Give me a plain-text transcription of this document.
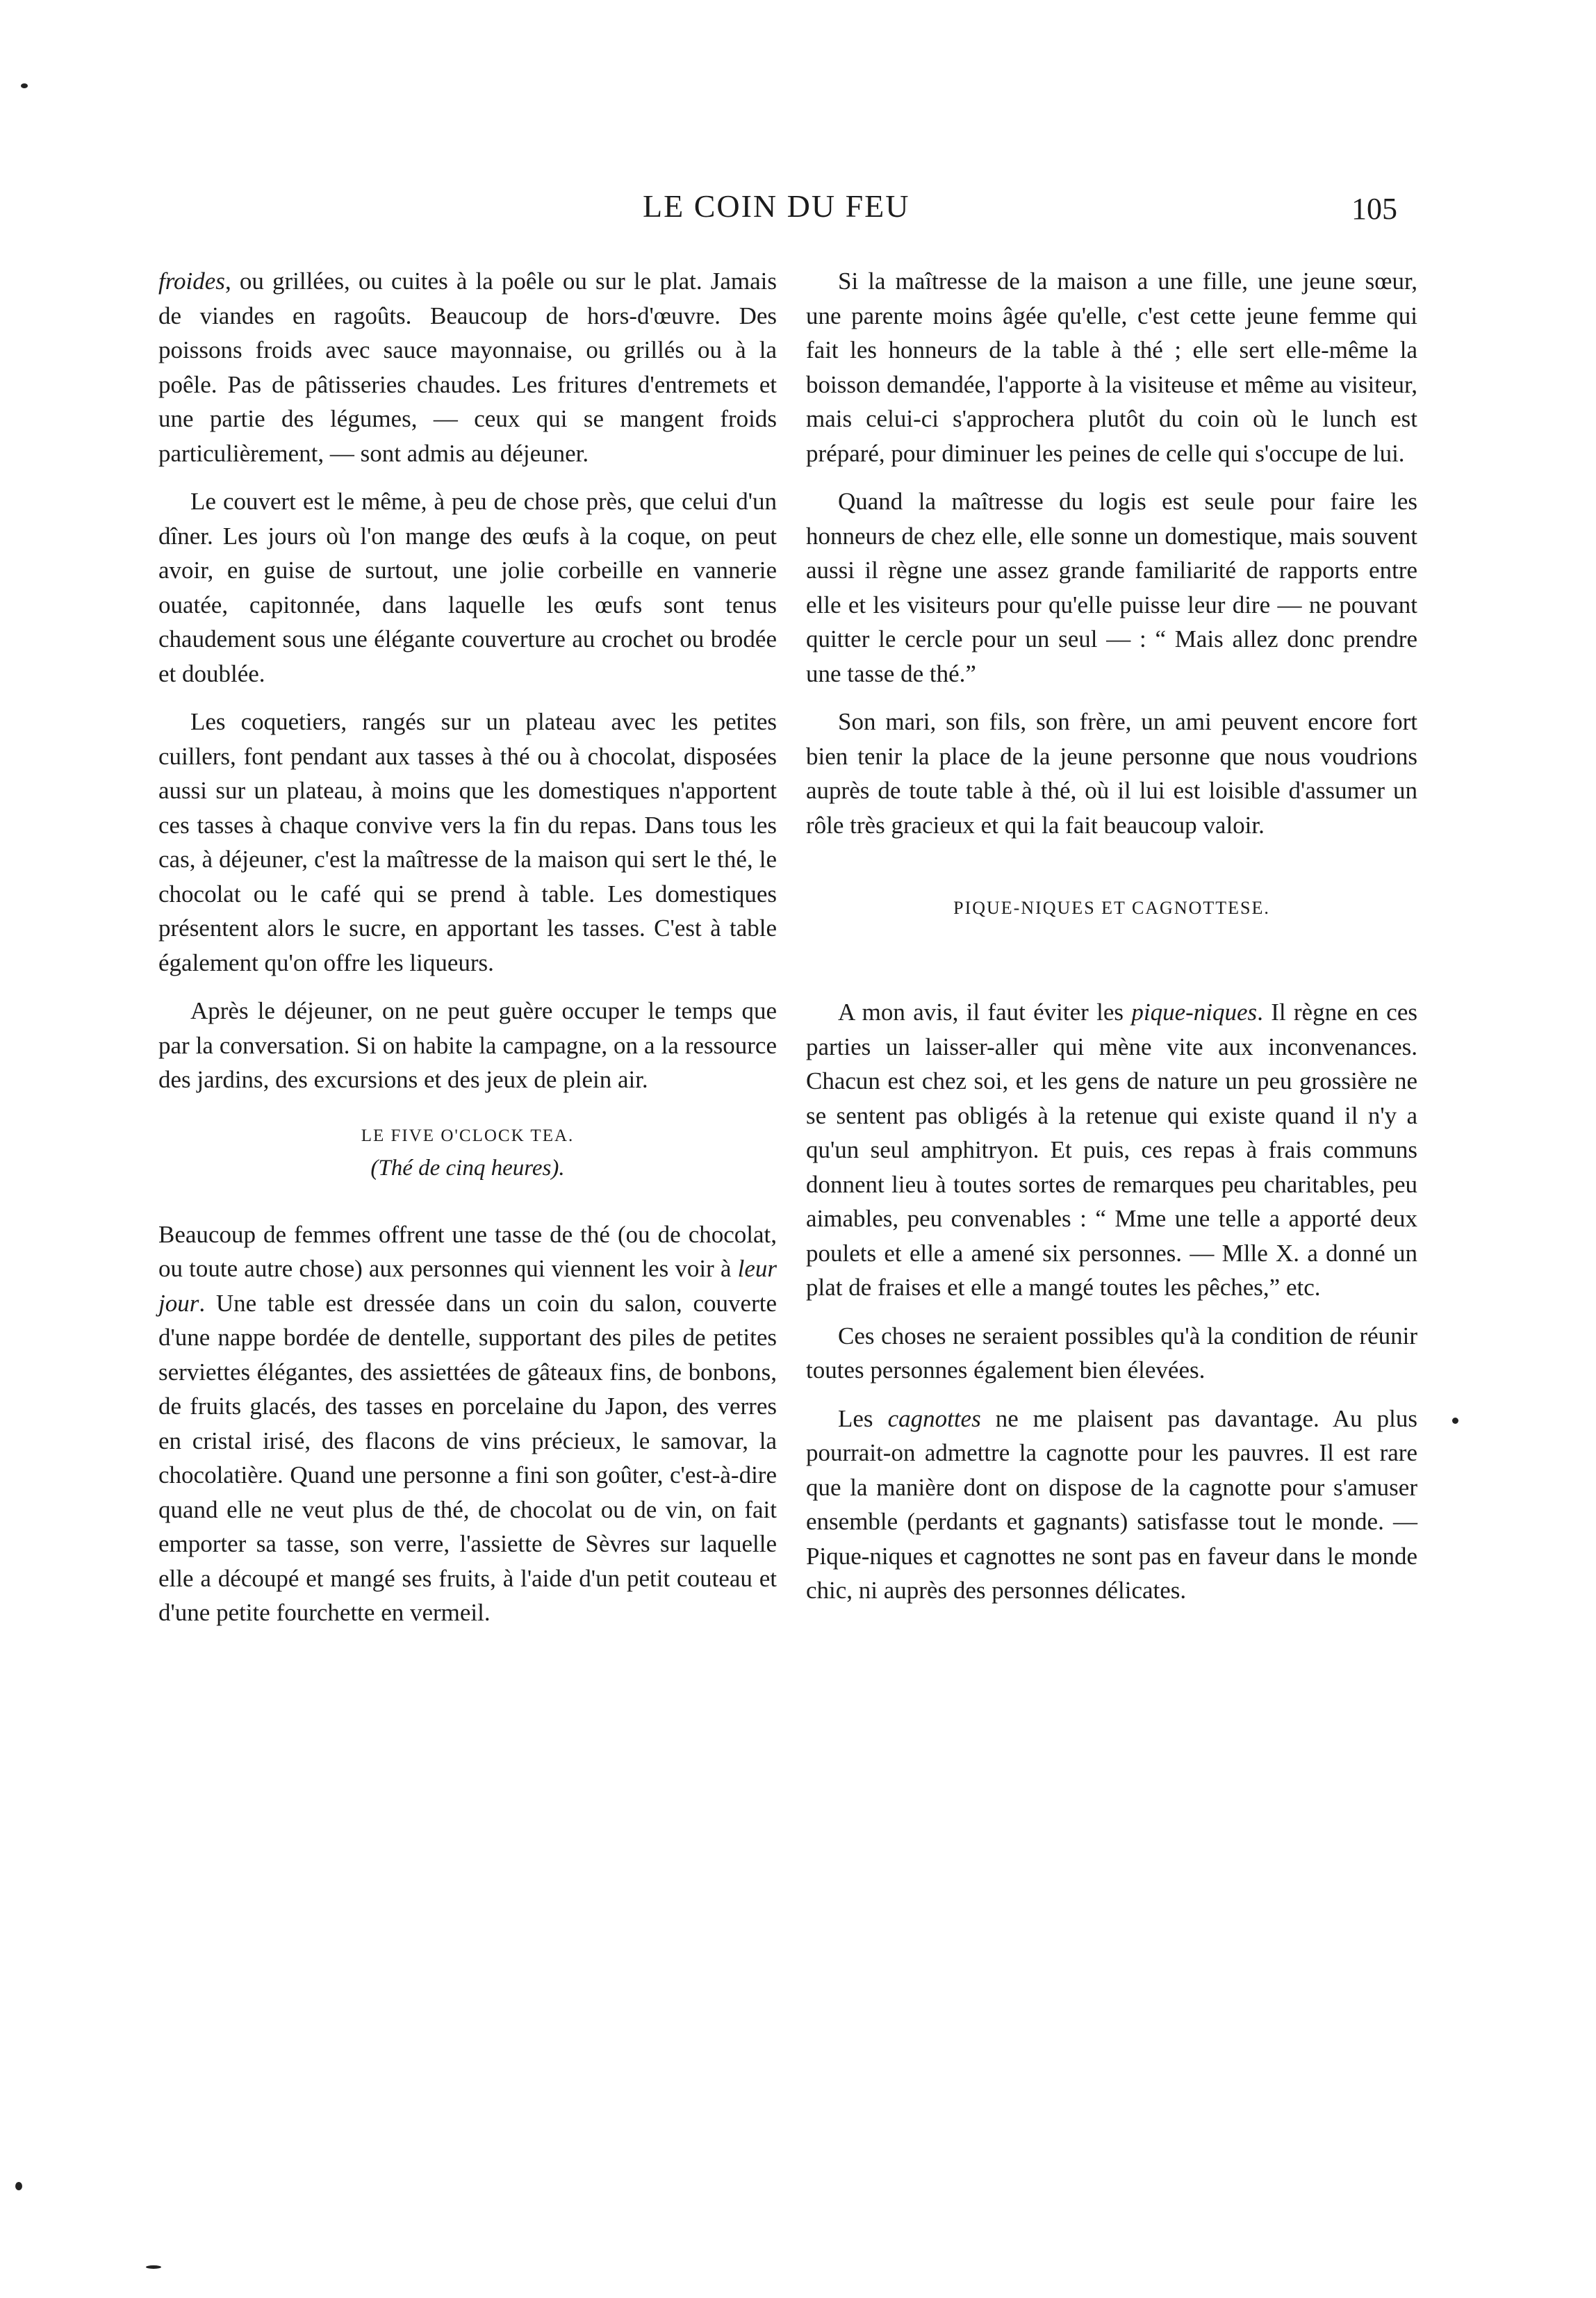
LE COIN DU FEU	105

froides, ou grillées, ou cuites à la poêle ou sur le plat. Jamais de viandes en ragoûts. Beaucoup de hors-d'œuvre. Des poissons froids avec sauce mayonnaise, ou grillés ou à la poêle. Pas de pâtisseries chaudes. Les fritures d'entremets et une partie des légumes, — ceux qui se mangent froids particulièrement, — sont admis au déjeuner.

Le couvert est le même, à peu de chose près, que celui d'un dîner. Les jours où l'on mange des œufs à la coque, on peut avoir, en guise de surtout, une jolie corbeille en vannerie ouatée, capitonnée, dans laquelle les œufs sont tenus chaudement sous une élégante couverture au crochet ou brodée et doublée.

Les coquetiers, rangés sur un plateau avec les petites cuillers, font pendant aux tasses à thé ou à chocolat, disposées aussi sur un plateau, à moins que les domestiques n'apportent ces tasses à chaque convive vers la fin du repas. Dans tous les cas, à déjeuner, c'est la maîtresse de la maison qui sert le thé, le chocolat ou le café qui se prend à table. Les domestiques présentent alors le sucre, en apportant les tasses. C'est à table également qu'on offre les liqueurs.

Après le déjeuner, on ne peut guère occuper le temps que par la conversation. Si on habite la campagne, on a la ressource des jardins, des excursions et des jeux de plein air.

LE FIVE O'CLOCK TEA.
(Thé de cinq heures).

Beaucoup de femmes offrent une tasse de thé (ou de chocolat, ou toute autre chose) aux personnes qui viennent les voir à leur jour. Une table est dressée dans un coin du salon, couverte d'une nappe bordée de dentelle, supportant des piles de petites serviettes élégantes, des assiettées de gâteaux fins, de bonbons, de fruits glacés, des tasses en porcelaine du Japon, des verres en cristal irisé, des flacons de vins précieux, le samovar, la chocolatière. Quand une personne a fini son goûter, c'est-à-dire quand elle ne veut plus de thé, de chocolat ou de vin, on fait emporter sa tasse, son verre, l'assiette de Sèvres sur laquelle elle a découpé et mangé ses fruits, à l'aide d'un petit couteau et d'une petite fourchette en vermeil.

Si la maîtresse de la maison a une fille, une jeune sœur, une parente moins âgée qu'elle, c'est cette jeune femme qui fait les honneurs de la table à thé ; elle sert elle-même la boisson demandée, l'apporte à la visiteuse et même au visiteur, mais celui-ci s'approchera plutôt du coin où le lunch est préparé, pour diminuer les peines de celle qui s'occupe de lui.

Quand la maîtresse du logis est seule pour faire les honneurs de chez elle, elle sonne un domestique, mais souvent aussi il règne une assez grande familiarité de rapports entre elle et les visiteurs pour qu'elle puisse leur dire — ne pouvant quitter le cercle pour un seul — : “ Mais allez donc prendre une tasse de thé.”

Son mari, son fils, son frère, un ami peuvent encore fort bien tenir la place de la jeune personne que nous voudrions auprès de toute table à thé, où il lui est loisible d'assumer un rôle très gracieux et qui la fait beaucoup valoir.

PIQUE-NIQUES ET CAGNOTTESE.

A mon avis, il faut éviter les pique-niques. Il règne en ces parties un laisser-aller qui mène vite aux inconvenances. Chacun est chez soi, et les gens de nature un peu grossière ne se sentent pas obligés à la retenue qui existe quand il n'y a qu'un seul amphitryon. Et puis, ces repas à frais communs donnent lieu à toutes sortes de remarques peu charitables, peu aimables, peu convenables : “ Mme une telle a apporté deux poulets et elle a amené six personnes. — Mlle X. a donné un plat de fraises et elle a mangé toutes les pêches,” etc.

Ces choses ne seraient possibles qu'à la condition de réunir toutes personnes également bien élevées.

Les cagnottes ne me plaisent pas davantage. Au plus pourrait-on admettre la cagnotte pour les pauvres. Il est rare que la manière dont on dispose de la cagnotte pour s'amuser ensemble (perdants et gagnants) satisfasse tout le monde. — Pique-niques et cagnottes ne sont pas en faveur dans le monde chic, ni auprès des personnes délicates.
